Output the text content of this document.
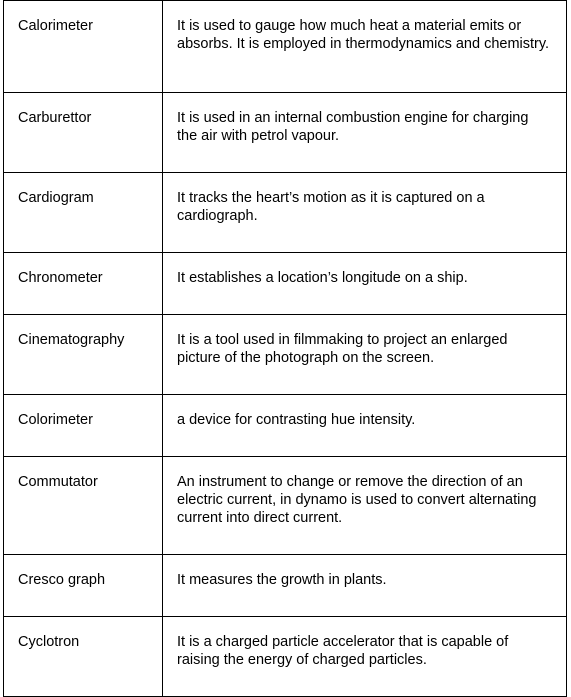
Calorimeter	It is used to gauge how much heat a material emits or absorbs. It is employed in thermodynamics and chemistry.
Carburettor	It is used in an internal combustion engine for charging the air with petrol vapour.
Cardiogram	It tracks the heart’s motion as it is captured on a cardiograph.
Chronometer	It establishes a location’s longitude on a ship.
Cinematography	It is a tool used in filmmaking to project an enlarged picture of the photograph on the screen.
Colorimeter	a device for contrasting hue intensity.
Commutator	An instrument to change or remove the direction of an electric current, in dynamo is used to convert alternating current into direct current.
Cresco graph	It measures the growth in plants.
Cyclotron	It is a charged particle accelerator that is capable of raising the energy of charged particles.
